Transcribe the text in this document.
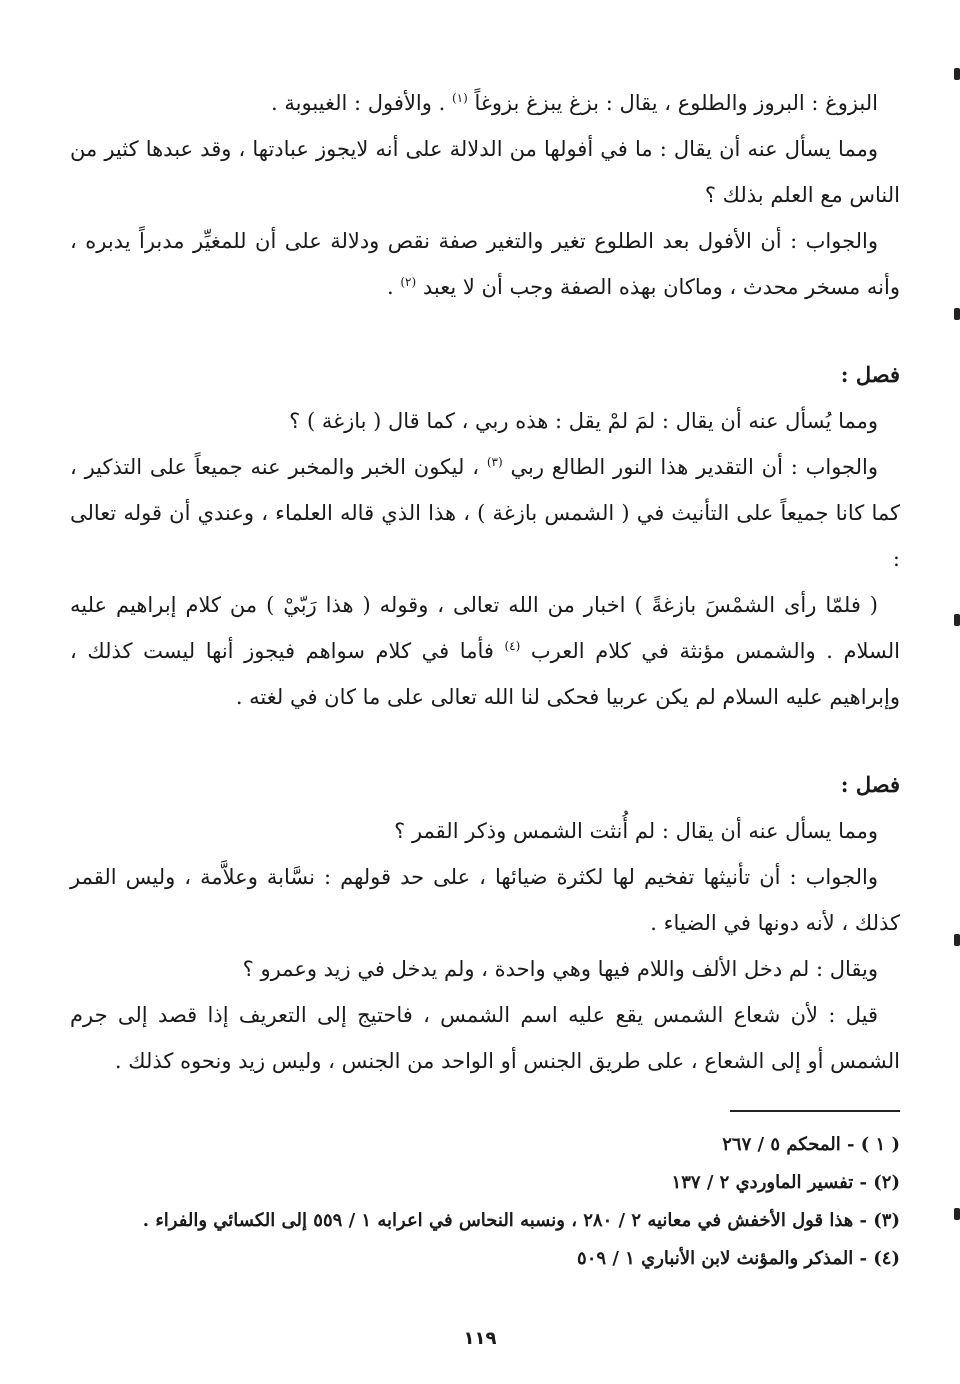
البزوغ : البروز والطلوع ، يقال : بزغ يبزغ بزوغاً $^{(١)}$ . والأفول : الغيبوبة .

ومما يسأل عنه أن يقال : ما في أفولها من الدلالة على أنه لايجوز عبادتها ، وقد عبدها كثير من الناس مع العلم بذلك ؟

والجواب : أن الأفول بعد الطلوع تغير والتغير صفة نقص ودلالة على أن للمغيِّر مدبراً يدبره ، وأنه مسخر محدث ، وماكان بهذه الصفة وجب أن لا يعبد $^{(٢)}$ .

فصل :

ومما يُسأل عنه أن يقال : لمَ لمْ يقل : هذه ربي ، كما قال ( بازغة ) ؟

والجواب : أن التقدير هذا النور الطالع ربي $^{(٣)}$ ، ليكون الخبر والمخبر عنه جميعاً على التذكير ، كما كانا جميعاً على التأنيث في ( الشمس بازغة ) ، هذا الذي قاله العلماء ، وعندي أن قوله تعالى :

( فلمّا رأى الشمْسَ بازغةً ) اخبار من الله تعالى ، وقوله ( هذا رَبّيْ ) من كلام إبراهيم عليه السلام . والشمس مؤنثة في كلام العرب $^{(٤)}$ فأما في كلام سواهم فيجوز أنها ليست كذلك ، وإبراهيم عليه السلام لم يكن عربيا فحكى لنا الله تعالى على ما كان في لغته .

فصل :

ومما يسأل عنه أن يقال : لم أُنثت الشمس وذكر القمر ؟

والجواب : أن تأنيثها تفخيم لها لكثرة ضيائها ، على حد قولهم : نسَّابة وعلاَّمة ، وليس القمر كذلك ، لأنه دونها في الضياء .

ويقال : لم دخل الألف واللام فيها وهي واحدة ، ولم يدخل في زيد وعمرو ؟

قيل : لأن شعاع الشمس يقع عليه اسم الشمس ، فاحتيج إلى التعريف إذا قصد إلى جرم الشمس أو إلى الشعاع ، على طريق الجنس أو الواحد من الجنس ، وليس زيد ونحوه كذلك .

( ١ ) - المحكم ٥ / ٢٦٧

(٢) - تفسير الماوردي ٢ / ١٣٧

(٣) - هذا قول الأخفش في معانيه ٢ / ٢٨٠ ، ونسبه النحاس في اعرابه ١ / ٥٥٩ إلى الكسائي والفراء .

(٤) - المذكر والمؤنث لابن الأنباري ١ / ٥٠٩

١١٩
